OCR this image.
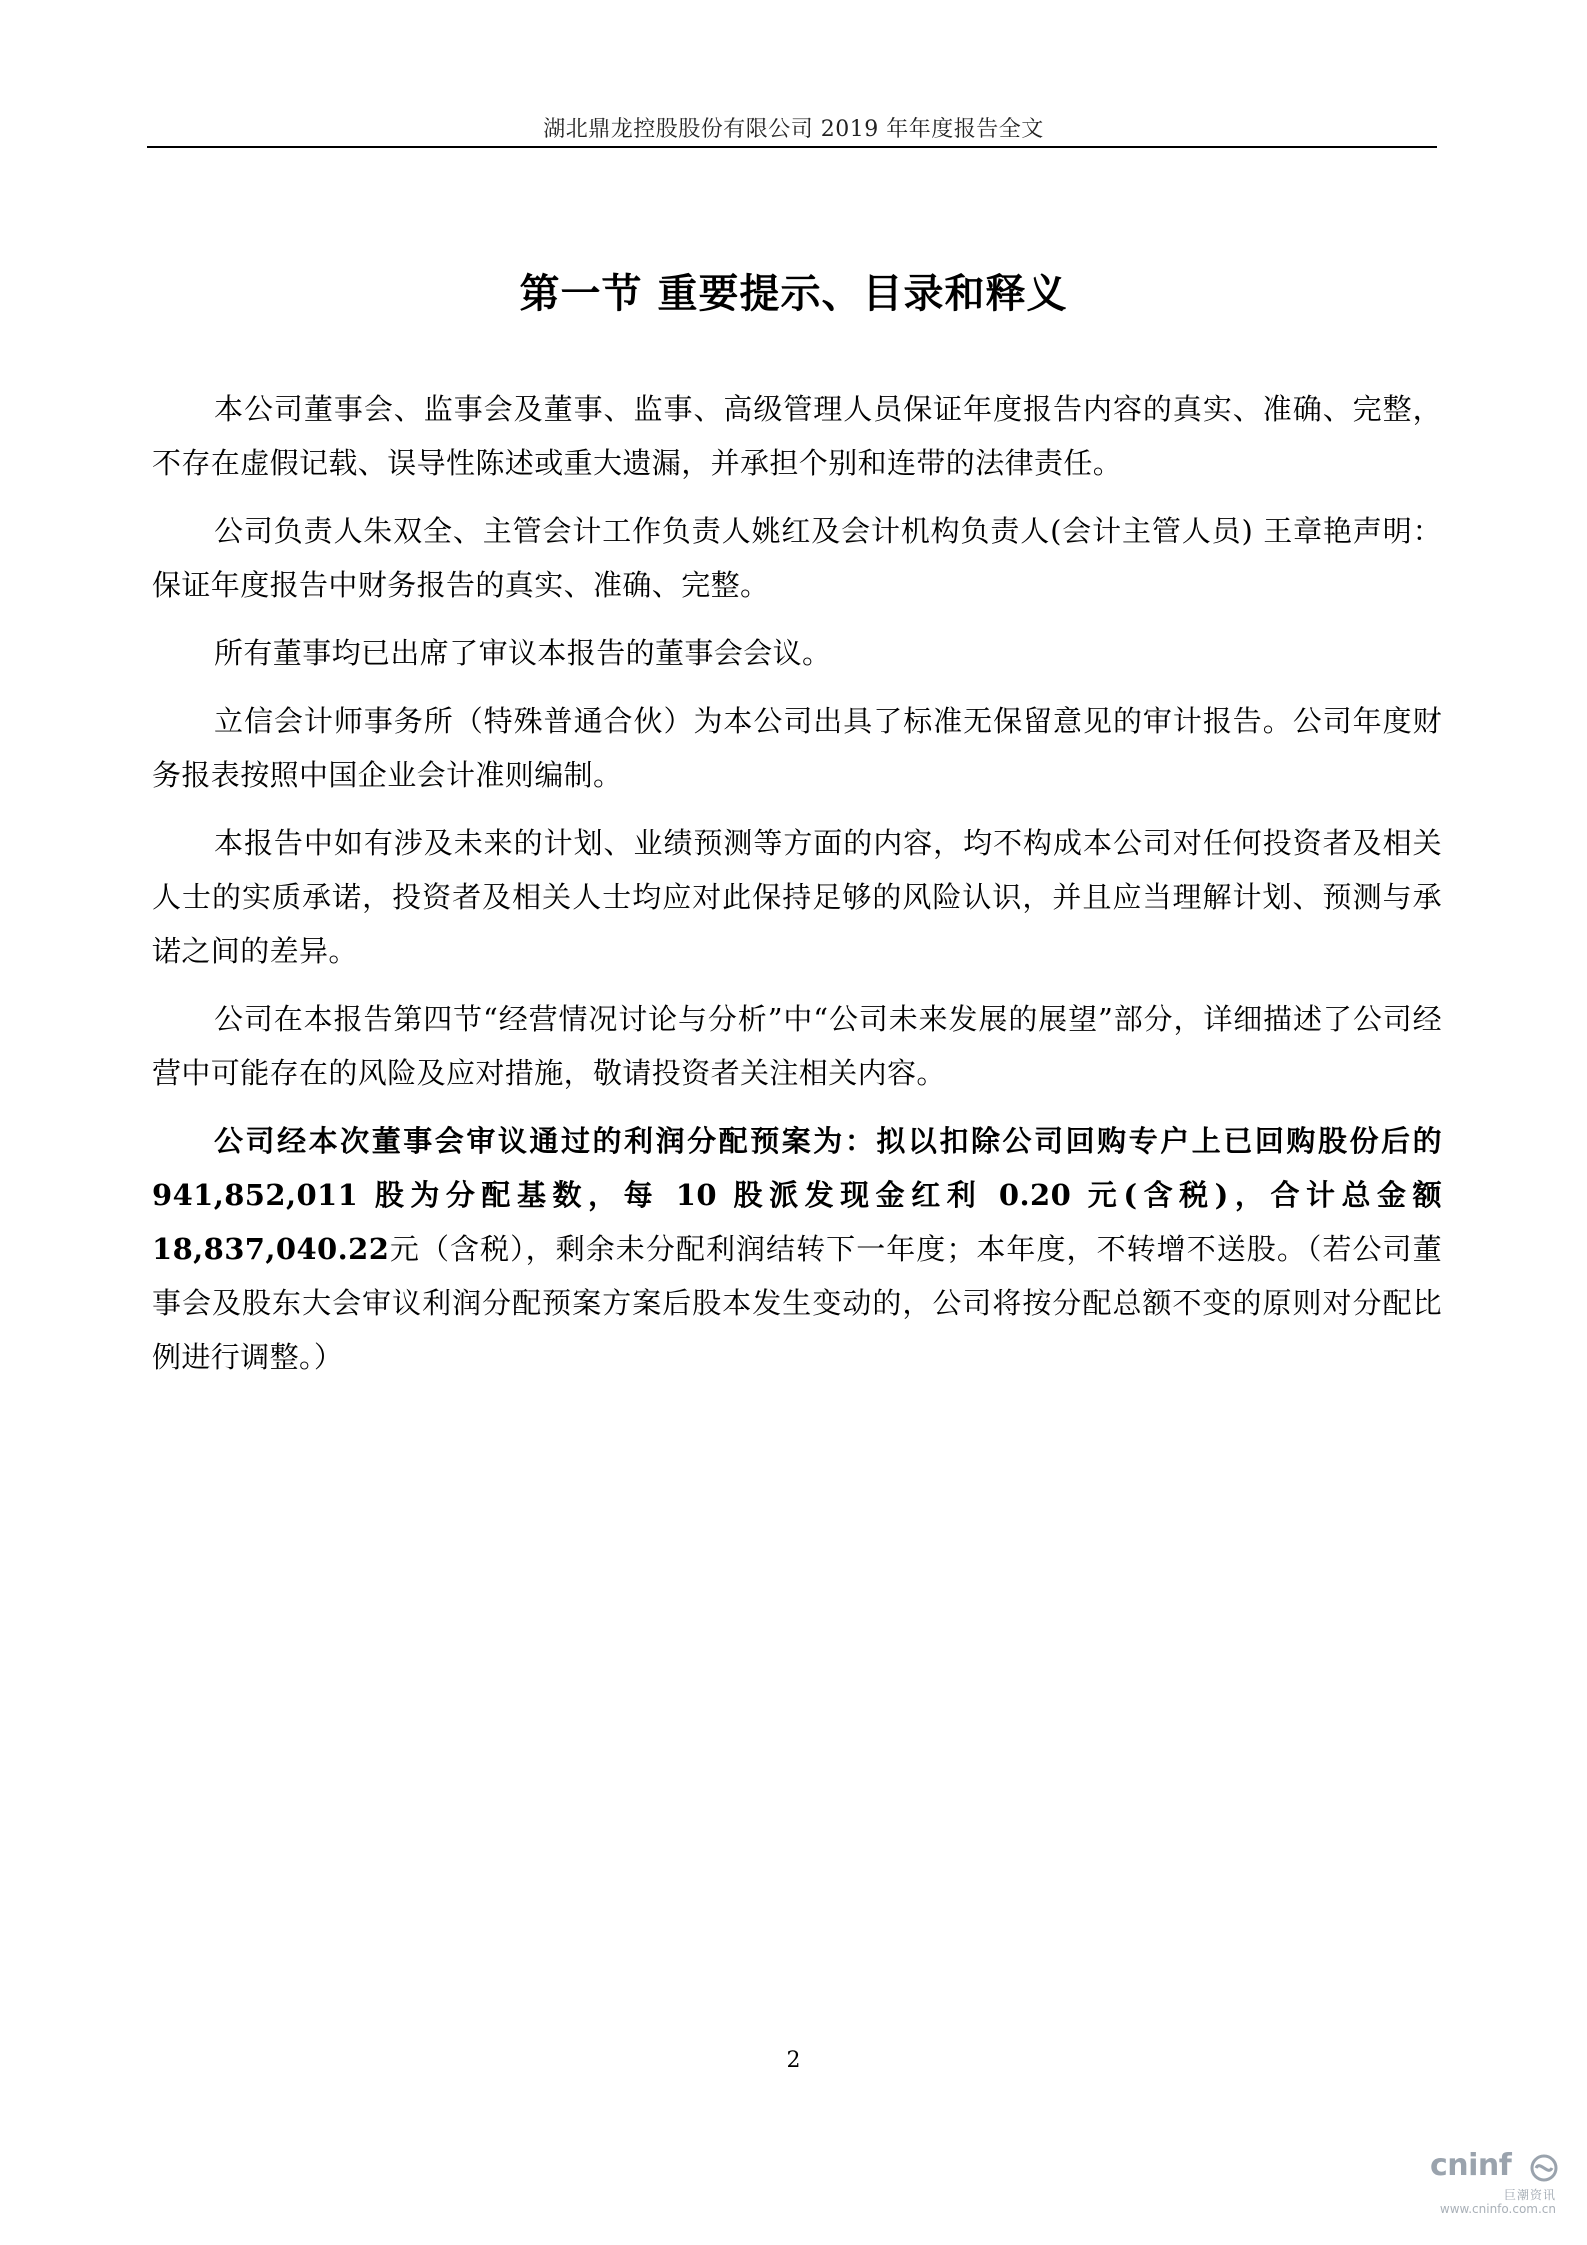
湖北鼎龙控股股份有限公司 2019 年年度报告全文
第一节 重要提示、目录和释义

本公司董事会、监事会及董事、监事、高级管理人员保证年度报告内容的真实、准确、完整，不存在虚假记载、误导性陈述或重大遗漏，并承担个别和连带的法律责任。

公司负责人朱双全、主管会计工作负责人姚红及会计机构负责人(会计主管人员) 王章艳声明：保证年度报告中财务报告的真实、准确、完整。

所有董事均已出席了审议本报告的董事会会议。

立信会计师事务所（特殊普通合伙）为本公司出具了标准无保留意见的审计报告。公司年度财务报表按照中国企业会计准则编制。

本报告中如有涉及未来的计划、业绩预测等方面的内容，均不构成本公司对任何投资者及相关人士的实质承诺，投资者及相关人士均应对此保持足够的风险认识，并且应当理解计划、预测与承诺之间的差异。

公司在本报告第四节“经营情况讨论与分析”中“公司未来发展的展望”部分，详细描述了公司经营中可能存在的风险及应对措施，敬请投资者关注相关内容。

公司经本次董事会审议通过的利润分配预案为：拟以扣除公司回购专户上已回购股份后的 941,852,011 股为分配基数，每 10 股派发现金红利 0.20 元(含税)，合计总金额 18,837,040.22元（含税），剩余未分配利润结转下一年度；本年度，不转增不送股。（若公司董事会及股东大会审议利润分配预案方案后股本发生变动的，公司将按分配总额不变的原则对分配比例进行调整。）

2
cninf
巨潮资讯
www.cninfo.com.cn
